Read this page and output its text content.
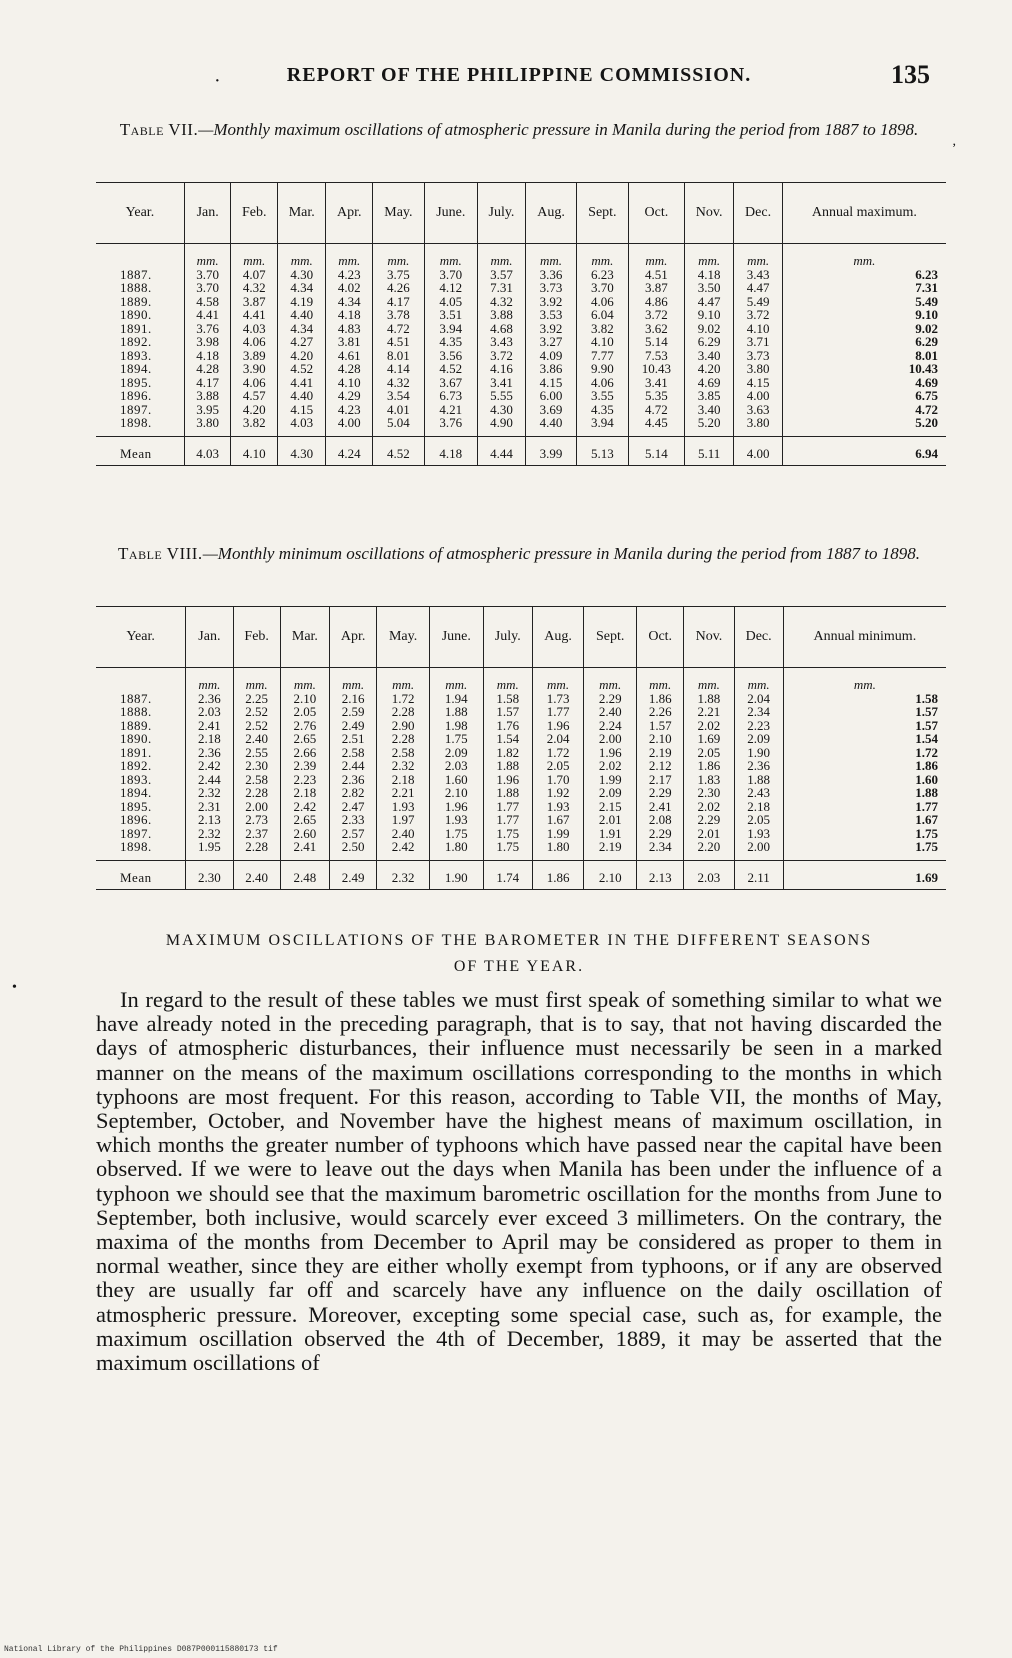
·	REPORT OF THE PHILIPPINE COMMISSION.	135
Table VII.—Monthly maximum oscillations of atmospheric pressure in Manila during the period from 1887 to 1898.
,
Year.	Jan.	Feb.	Mar.	Apr.	May.	June.	July.	Aug.	Sept.	Oct.	Nov.	Dec.	Annual maximum.
	mm.	mm.	mm.	mm.	mm.	mm.	mm.	mm.	mm.	mm.	mm.	mm.	mm.
1887.	3.70	4.07	4.30	4.23	3.75	3.70	3.57	3.36	6.23	4.51	4.18	3.43	6.23
1888.	3.70	4.32	4.34	4.02	4.26	4.12	7.31	3.73	3.70	3.87	3.50	4.47	7.31
1889.	4.58	3.87	4.19	4.34	4.17	4.05	4.32	3.92	4.06	4.86	4.47	5.49	5.49
1890.	4.41	4.41	4.40	4.18	3.78	3.51	3.88	3.53	6.04	3.72	9.10	3.72	9.10
1891.	3.76	4.03	4.34	4.83	4.72	3.94	4.68	3.92	3.82	3.62	9.02	4.10	9.02
1892.	3.98	4.06	4.27	3.81	4.51	4.35	3.43	3.27	4.10	5.14	6.29	3.71	6.29
1893.	4.18	3.89	4.20	4.61	8.01	3.56	3.72	4.09	7.77	7.53	3.40	3.73	8.01
1894.	4.28	3.90	4.52	4.28	4.14	4.52	4.16	3.86	9.90	10.43	4.20	3.80	10.43
1895.	4.17	4.06	4.41	4.10	4.32	3.67	3.41	4.15	4.06	3.41	4.69	4.15	4.69
1896.	3.88	4.57	4.40	4.29	3.54	6.73	5.55	6.00	3.55	5.35	3.85	4.00	6.75
1897.	3.95	4.20	4.15	4.23	4.01	4.21	4.30	3.69	4.35	4.72	3.40	3.63	4.72
1898.	3.80	3.82	4.03	4.00	5.04	3.76	4.90	4.40	3.94	4.45	5.20	3.80	5.20
Mean	4.03	4.10	4.30	4.24	4.52	4.18	4.44	3.99	5.13	5.14	5.11	4.00	6.94
Table VIII.—Monthly minimum oscillations of atmospheric pressure in Manila during the period from 1887 to 1898.
Year.	Jan.	Feb.	Mar.	Apr.	May.	June.	July.	Aug.	Sept.	Oct.	Nov.	Dec.	Annual minimum.
	mm.	mm.	mm.	mm.	mm.	mm.	mm.	mm.	mm.	mm.	mm.	mm.	mm.
1887.	2.36	2.25	2.10	2.16	1.72	1.94	1.58	1.73	2.29	1.86	1.88	2.04	1.58
1888.	2.03	2.52	2.05	2.59	2.28	1.88	1.57	1.77	2.40	2.26	2.21	2.34	1.57
1889.	2.41	2.52	2.76	2.49	2.90	1.98	1.76	1.96	2.24	1.57	2.02	2.23	1.57
1890.	2.18	2.40	2.65	2.51	2.28	1.75	1.54	2.04	2.00	2.10	1.69	2.09	1.54
1891.	2.36	2.55	2.66	2.58	2.58	2.09	1.82	1.72	1.96	2.19	2.05	1.90	1.72
1892.	2.42	2.30	2.39	2.44	2.32	2.03	1.88	2.05	2.02	2.12	1.86	2.36	1.86
1893.	2.44	2.58	2.23	2.36	2.18	1.60	1.96	1.70	1.99	2.17	1.83	1.88	1.60
1894.	2.32	2.28	2.18	2.82	2.21	2.10	1.88	1.92	2.09	2.29	2.30	2.43	1.88
1895.	2.31	2.00	2.42	2.47	1.93	1.96	1.77	1.93	2.15	2.41	2.02	2.18	1.77
1896.	2.13	2.73	2.65	2.33	1.97	1.93	1.77	1.67	2.01	2.08	2.29	2.05	1.67
1897.	2.32	2.37	2.60	2.57	2.40	1.75	1.75	1.99	1.91	2.29	2.01	1.93	1.75
1898.	1.95	2.28	2.41	2.50	2.42	1.80	1.75	1.80	2.19	2.34	2.20	2.00	1.75
Mean	2.30	2.40	2.48	2.49	2.32	1.90	1.74	1.86	2.10	2.13	2.03	2.11	1.69
MAXIMUM OSCILLATIONS OF THE BAROMETER IN THE DIFFERENT SEASONS
OF THE YEAR.
•	In regard to the result of these tables we must first speak of something similar to what we have already noted in the preceding paragraph, that is to say, that not having discarded the days of atmospheric disturbances, their influence must necessarily be seen in a marked manner on the means of the maximum oscillations corresponding to the months in which typhoons are most frequent. For this reason, according to Table VII, the months of May, September, October, and November have the highest means of maximum oscillation, in which months the greater number of typhoons which have passed near the capital have been observed. If we were to leave out the days when Manila has been under the influence of a typhoon we should see that the maximum barometric oscillation for the months from June to September, both inclusive, would scarcely ever exceed 3 millimeters. On the contrary, the maxima of the months from December to April may be considered as proper to them in normal weather, since they are either wholly exempt from typhoons, or if any are observed they are usually far off and scarcely have any influence on the daily oscillation of atmospheric pressure. Moreover, excepting some special case, such as, for example, the maximum oscillation observed the 4th of December, 1889, it may be asserted that the maximum oscillations of
National Library of the Philippines D087P000115880173 tif
